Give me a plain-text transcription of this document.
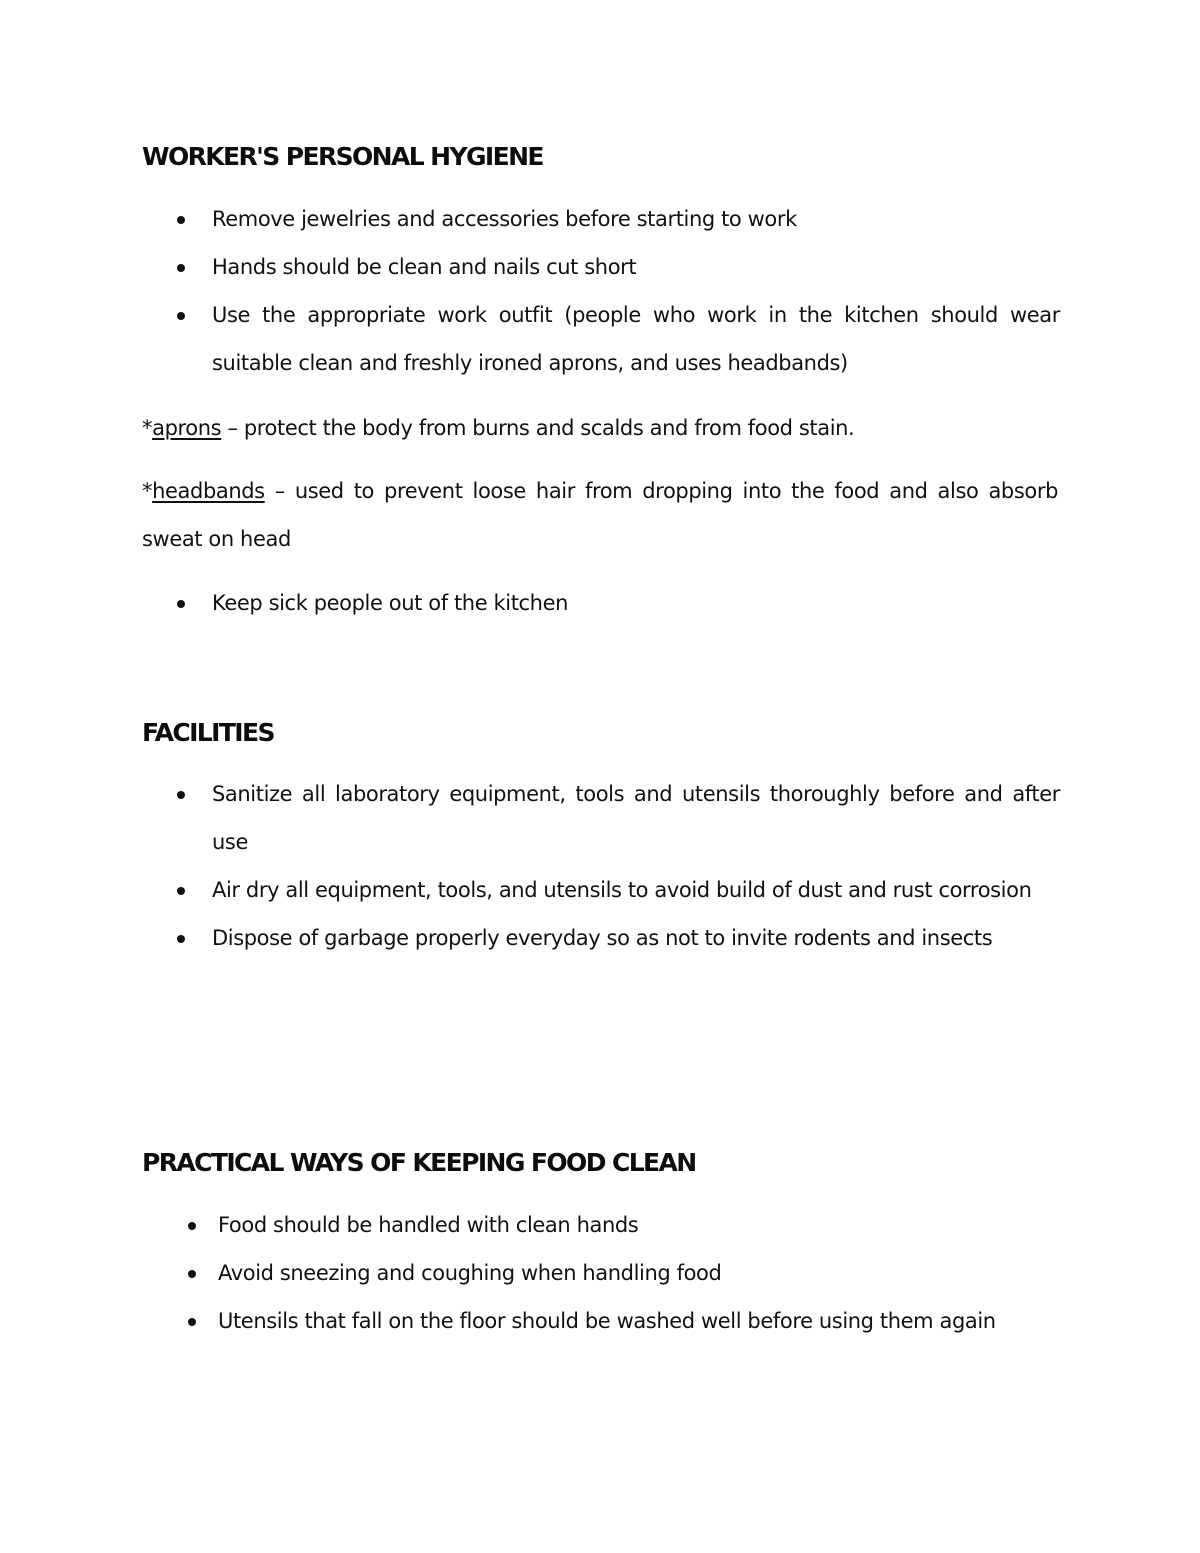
WORKER'S PERSONAL HYGIENE
Remove jewelries and accessories before starting to work
Hands should be clean and nails cut short
Use the appropriate work outfit (people who work in the kitchen should wear suitable clean and freshly ironed aprons, and uses headbands)

*aprons – protect the body from burns and scalds and from food stain.

*headbands – used to prevent loose hair from dropping into the food and also absorb sweat on head

Keep sick people out of the kitchen
FACILITIES
Sanitize all laboratory equipment, tools and utensils thoroughly before and after use
Air dry all equipment, tools, and utensils to avoid build of dust and rust corrosion
Dispose of garbage properly everyday so as not to invite rodents and insects
PRACTICAL WAYS OF KEEPING FOOD CLEAN
Food should be handled with clean hands
Avoid sneezing and coughing when handling food
Utensils that fall on the floor should be washed well before using them again
